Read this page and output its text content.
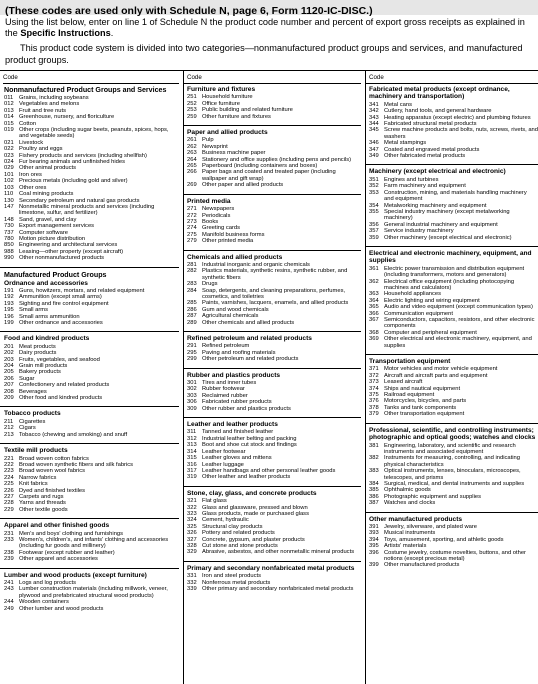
(These codes are used only with Schedule N, page 6, Form 1120-IC-DISC.)

Using the list below, enter on line 1 of Schedule N the product code number and percent of export gross receipts as explained in the Specific Instructions.

This product code system is divided into two categories—nonmanufactured product groups and services, and manufactured product groups.

Code
Nonmanufactured Product Groups and Services
011 Grains, including soybeans
012 Vegetables and melons
013 Fruit and tree nuts
014 Greenhouse, nursery, and floriculture
015 Cotton
019 Other crops (including sugar beets, peanuts, spices, hops, and vegetable seeds)
021 Livestock
022 Poultry and eggs
023 Fishery products and services (including shellfish)
024 Fur bearing animals and unfinished hides
029 Other animal products
101 Iron ores
102 Precious metals (including gold and silver)
103 Other ores
110 Coal mining products
130 Secondary petroleum and natural gas products
147 Nonmetallic mineral products and services (including limestone, sulfur, and fertilizer)
148 Sand, gravel, and clay
730 Export management services
737 Computer software
780 Motion picture distribution
850 Engineering and architectural services
988 Leasing—other property (except aircraft)
990 Other nonmanufactured products
Manufactured Product Groups
Ordnance and accessories
191 Guns, howitzers, mortars, and related equipment
192 Ammunition (except small arms)
193 Sighting and fire control equipment
195 Small arms
196 Small arms ammunition
199 Other ordnance and accessories
Food and kindred products
201 Meat products
202 Dairy products
203 Fruits, vegetables, and seafood
204 Grain mill products
205 Bakery products
206 Sugar
207 Confectionery and related products
208 Beverages
209 Other food and kindred products
Tobacco products
211 Cigarettes
212 Cigars
213 Tobacco (chewing and smoking) and snuff
Textile mill products
221 Broad woven cotton fabrics
222 Broad woven synthetic fibers and silk fabrics
223 Broad woven wool fabrics
224 Narrow fabrics
225 Knit fabrics
226 Dyed and finished textiles
227 Carpets and rugs
228 Yarns and threads
229 Other textile goods
Apparel and other finished goods
231 Men's and boys' clothing and furnishings
233 Women's, children's, and infants' clothing and accessories (including fur goods and millinery)
238 Footwear (except rubber and leather)
239 Other apparel and accessories
Lumber and wood products (except furniture)
241 Logs and log products
243 Lumber construction materials (including millwork, veneer, plywood and prefabricated structural wood products)
244 Wooden containers
249 Other lumber and wood products
Code
Furniture and fixtures
251 Household furniture
252 Office furniture
253 Public building and related furniture
259 Other furniture and fixtures
Paper and allied products
261 Pulp
262 Newsprint
263 Business machine paper
264 Stationery and office supplies (including pens and pencils)
265 Paperboard (including containers and boxes)
266 Paper bags and coated and treated paper (including wallpaper and gift wrap)
269 Other paper and allied products
Printed media
271 Newspapers
272 Periodicals
273 Books
274 Greeting cards
275 Manifold business forms
279 Other printed media
Chemicals and allied products
281 Industrial inorganic and organic chemicals
282 Plastics materials, synthetic resins, synthetic rubber, and synthetic fibers
283 Drugs
284 Soap, detergents, and cleaning preparations, perfumes, cosmetics, and toiletries
285 Paints, varnishes, lacquers, enamels, and allied products
286 Gum and wood chemicals
287 Agricultural chemicals
289 Other chemicals and allied products
Refined petroleum and related products
291 Refined petroleum
295 Paving and roofing materials
299 Other petroleum and related products
Rubber and plastics products
301 Tires and inner tubes
302 Rubber footwear
303 Reclaimed rubber
306 Fabricated rubber products
309 Other rubber and plastics products
Leather and leather products
311 Tanned and finished leather
312 Industrial leather belting and packing
313 Boot and shoe cut stock and findings
314 Leather footwear
315 Leather gloves and mittens
316 Leather luggage
317 Leather handbags and other personal leather goods
319 Other leather and leather products
Stone, clay, glass, and concrete products
321 Flat glass
322 Glass and glassware, pressed and blown
323 Glass products, made or purchased glass
324 Cement, hydraulic
325 Structural clay products
326 Pottery and related products
327 Concrete, gypsum, and plaster products
328 Cut stone and stone products
329 Abrasive, asbestos, and other nonmetallic mineral products
Primary and secondary nonfabricated metal products
331 Iron and steel products
332 Nonferrous metal products
339 Other primary and secondary nonfabricated metal products
Code
Fabricated metal products (except ordnance, machinery and transportation)
341 Metal cans
342 Cutlery, hand tools, and general hardware
343 Heating apparatus (except electric) and plumbing fixtures
344 Fabricated structural metal products
345 Screw machine products and bolts, nuts, screws, rivets, and washers
346 Metal stampings
347 Coated and engraved metal products
349 Other fabricated metal products
Machinery (except electrical and electronic)
351 Engines and turbines
352 Farm machinery and equipment
353 Construction, mining, and materials handling machinery and equipment
354 Metalworking machinery and equipment
355 Special industry machinery (except metalworking machinery)
356 General industrial machinery and equipment
357 Service industry machinery
359 Other machinery (except electrical and electronic)
Electrical and electronic machinery, equipment, and supplies
361 Electric power transmission and distribution equipment (including transformers, motors and generators)
362 Electrical office equipment (including photocopying machines and calculators)
363 Household appliances
364 Electric lighting and wiring equipment
365 Audio and video equipment (except communication types)
366 Communication equipment
367 Semiconductors, capacitors, resistors, and other electronic components
368 Computer and peripheral equipment
369 Other electrical and electronic machinery, equipment, and supplies
Transportation equipment
371 Motor vehicles and motor vehicle equipment
372 Aircraft and aircraft parts and equipment
373 Leased aircraft
374 Ships and nautical equipment
375 Railroad equipment
376 Motorcycles, bicycles, and parts
378 Tanks and tank components
379 Other transportation equipment
Professional, scientific, and controlling instruments; photographic and optical goods; watches and clocks
381 Engineering, laboratory, and scientific and research instruments and associated equipment
382 Instruments for measuring, controlling, and indicating physical characteristics
383 Optical instruments, lenses, binoculars, microscopes, telescopes, and prisms
384 Surgical, medical, and dental instruments and supplies
385 Ophthalmic goods
386 Photographic equipment and supplies
387 Watches and clocks
Other manufactured products
391 Jewelry, silverware, and plated ware
393 Musical instruments
394 Toys, amusement, sporting, and athletic goods
395 Artists' materials
396 Costume jewelry, costume novelties, buttons, and other notions (except precious metal)
399 Other manufactured products
